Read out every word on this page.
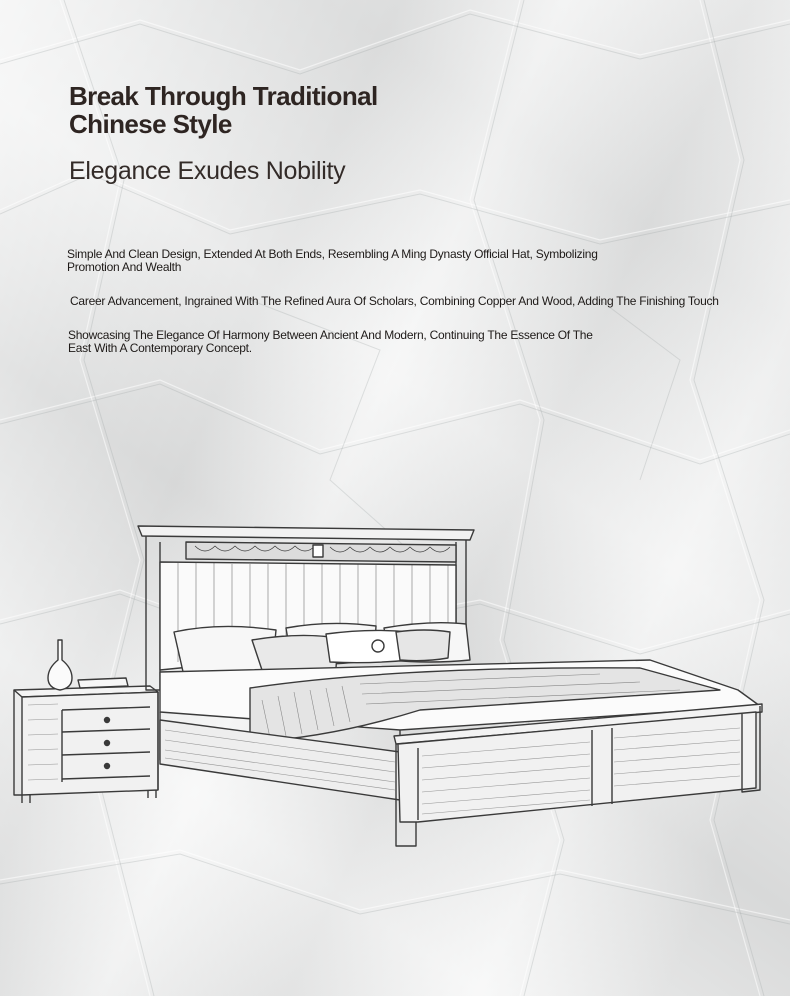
Break Through Traditional Chinese Style
Elegance Exudes Nobility

Simple And Clean Design, Extended At Both Ends, Resembling A Ming Dynasty Official Hat, Symbolizing Promotion And Wealth

Career Advancement, Ingrained With The Refined Aura Of Scholars, Combining Copper And Wood, Adding The Finishing Touch

Showcasing The Elegance Of Harmony Between Ancient And Modern, Continuing The Essence Of The East With A Contemporary Concept.
